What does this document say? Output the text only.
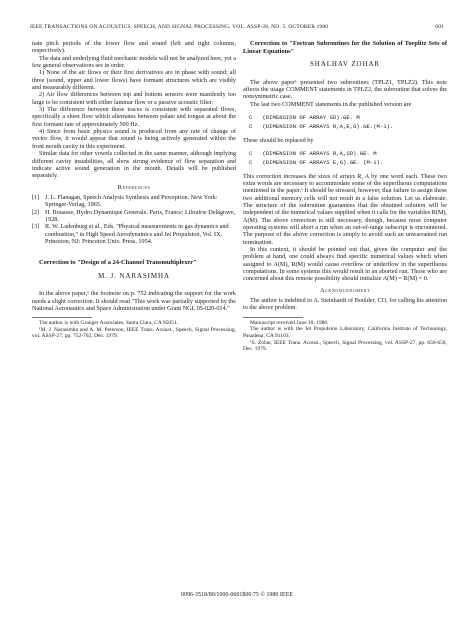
IEEE TRANSACTIONS ON ACOUSTICS, SPEECH, AND SIGNAL PROCESSING, VOL. ASSP-28, NO. 5, OCTOBER 1980	601

nate pitch periods of the lower flow and sound (left and right columns, respectively).

The data and underlying fluid mechanic models will not be analyzed here, yet a few general observations are in order.

1) None of the air flows or their first derivatives are in phase with sound; all three (sound, upper and lower flows) have formant structures which are visibly and measurably different.

2) Air flow differences between top and bottom sensors were manifestly too large to be consistent with either laminar flow or a passive acoustic filter.

3) The difference between these traces is consistent with separated flows, specifically a sheet flow which alternates between palate and tongue at about the first formant rate of approximately 500 Hz.

4) Since from basic physics sound is produced from any rate of change of vector flow, it would appear that sound is being actively generated within the front mouth cavity in this experiment.

Similar data for other vowels collected in the same manner, although implying different cavity instabilities, all show strong evidence of flow separation and indicate active sound generation in the mouth. Details will be published separately.

References
[1] J. L. Flanagan, Speech Analysis Synthesis and Perception. New York: Springer-Verlag, 1965.
[2] H. Bouasse, Hydro Dynamique Generale. Paris, France: Librairie Delagrave, 1928.
[3] R. W. Ladenburg et al., Eds. "Physical measurements in gas dynamics and combustion," in High Speed Aerodynamics and Jet Propulsion, Vol. IX. Princeton, NJ: Princeton Univ. Press, 1954.

Correction to "Design of a 24-Channel Transmultiplexer"

M. J. NARASIMHA

In the above paper,¹ the footnote on p. 752 indicating the support for the work needs a slight correction. It should read "This work was partially supported by the National Aeronautics and Space Administration under Grant NGL 05-020-014."

The author is with Granger Associates, Santa Clara, CA 95051.

¹M. J. Narasimha and A. M. Peterson, IEEE Trans. Acoust., Speech, Signal Processing, vol. ASSP-27, pp. 752-762, Dec. 1979.

Correction to "Fortran Subroutines for the Solution of Toeplitz Sets of Linear Equations"

SHALHAV ZOHAR

The above paper¹ presented two subroutines (TPLZ1, TPLZ2). This note affects the usage COMMENT statements in TPLZ2, the subroutine that solves the nonsymmetric case.

The last two COMMENT statements in the published version are

C   (DIMENSION OF ARRAY SD).GE. M
C   (DIMENSION OF ARRAYS R,A,E,G).GE.(M-1).

These should be replaced by

C   (DIMENSION OF ARRAYS R,A,SD).GE. M
C   (DIMENSION OF ARRAYS E,G).GE. (M-1).

This correction increases the sizes of arrays R, A by one word each. These two extra words are necessary to accommodate some of the superfluous computations mentioned in the paper.¹ It should be stressed, however, that failure to assign these two additional memory cells will not result in a false solution. Let us elaborate. The structure of the subroutine guarantees that the obtained solution will be independent of the numerical values supplied when it calls for the variables R(M), A(M). The above correction is still necessary, though, because most computer operating systems will abort a run when an out-of-range subscript is encountered. The purpose of the above correction is simply to avoid such an unwarranted run termination.

In this context, it should be pointed out that, given the computer and the problem at hand, one could always find specific numerical values which when assigned to A(M), R(M) would cause overflow or underflow in the superfluous computations. In some systems this would result in an aborted run. Those who are concerned about this remote possibility should initialize A(M) = R(M) = 0.

Acknowledgment

The author is indebted to A. Steinhardt of Boulder, CO, for calling his attention to the above problem.

Manuscript received June 10, 1980.

The author is with the Jet Propulsion Laboratory, California Institute of Technology, Pasadena, CA 91103.

¹S. Zohar, IEEE Trans. Acoust., Speech, Signal Processing, vol. ASSP-27, pp. 656-658, Dec. 1979.

0096-3518/80/1000-0601$00.75 © 1980 IEEE
